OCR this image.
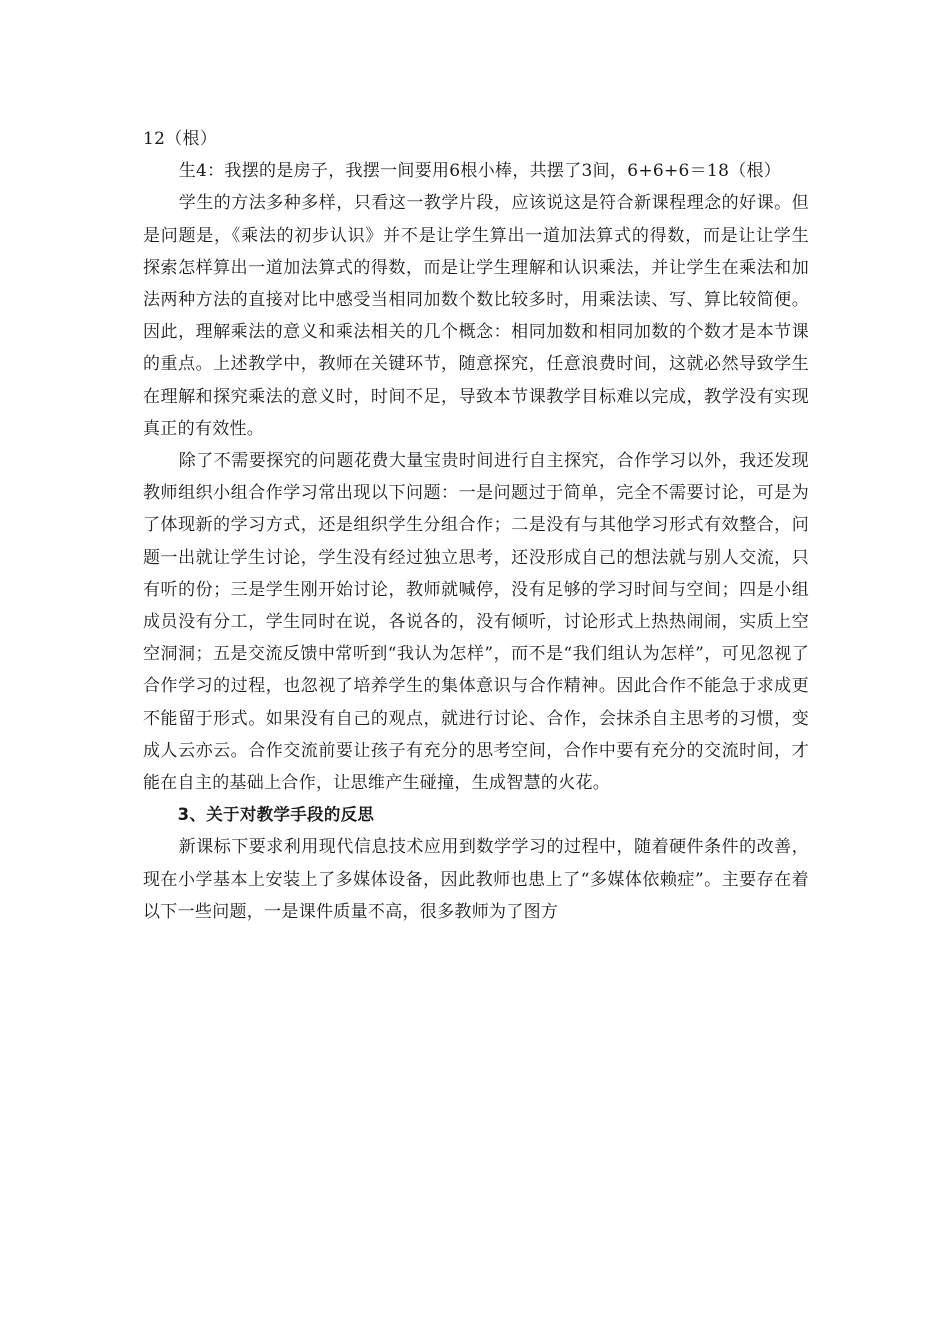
12（根）

生4：我摆的是房子，我摆一间要用6根小棒，共摆了3间，6+6+6＝18（根）

学生的方法多种多样，只看这一教学片段，应该说这是符合新课程理念的好课。但是问题是，《乘法的初步认识》并不是让学生算出一道加法算式的得数，而是让让学生探索怎样算出一道加法算式的得数，而是让学生理解和认识乘法，并让学生在乘法和加法两种方法的直接对比中感受当相同加数个数比较多时，用乘法读、写、算比较简便。因此，理解乘法的意义和乘法相关的几个概念：相同加数和相同加数的个数才是本节课的重点。上述教学中，教师在关键环节，随意探究，任意浪费时间，这就必然导致学生在理解和探究乘法的意义时，时间不足，导致本节课教学目标难以完成，教学没有实现真正的有效性。

除了不需要探究的问题花费大量宝贵时间进行自主探究，合作学习以外，我还发现教师组织小组合作学习常出现以下问题：一是问题过于简单，完全不需要讨论，可是为了体现新的学习方式，还是组织学生分组合作；二是没有与其他学习形式有效整合，问题一出就让学生讨论，学生没有经过独立思考，还没形成自己的想法就与别人交流，只有听的份；三是学生刚开始讨论，教师就喊停，没有足够的学习时间与空间；四是小组成员没有分工，学生同时在说，各说各的，没有倾听，讨论形式上热热闹闹，实质上空空洞洞；五是交流反馈中常听到“我认为怎样”，而不是“我们组认为怎样”，可见忽视了合作学习的过程，也忽视了培养学生的集体意识与合作精神。因此合作不能急于求成更不能留于形式。如果没有自己的观点，就进行讨论、合作，会抹杀自主思考的习惯，变成人云亦云。合作交流前要让孩子有充分的思考空间，合作中要有充分的交流时间，才能在自主的基础上合作，让思维产生碰撞，生成智慧的火花。

3、关于对教学手段的反思

新课标下要求利用现代信息技术应用到数学学习的过程中，随着硬件条件的改善，现在小学基本上安装上了多媒体设备，因此教师也患上了“多媒体依赖症”。主要存在着以下一些问题，一是课件质量不高，很多教师为了图方
